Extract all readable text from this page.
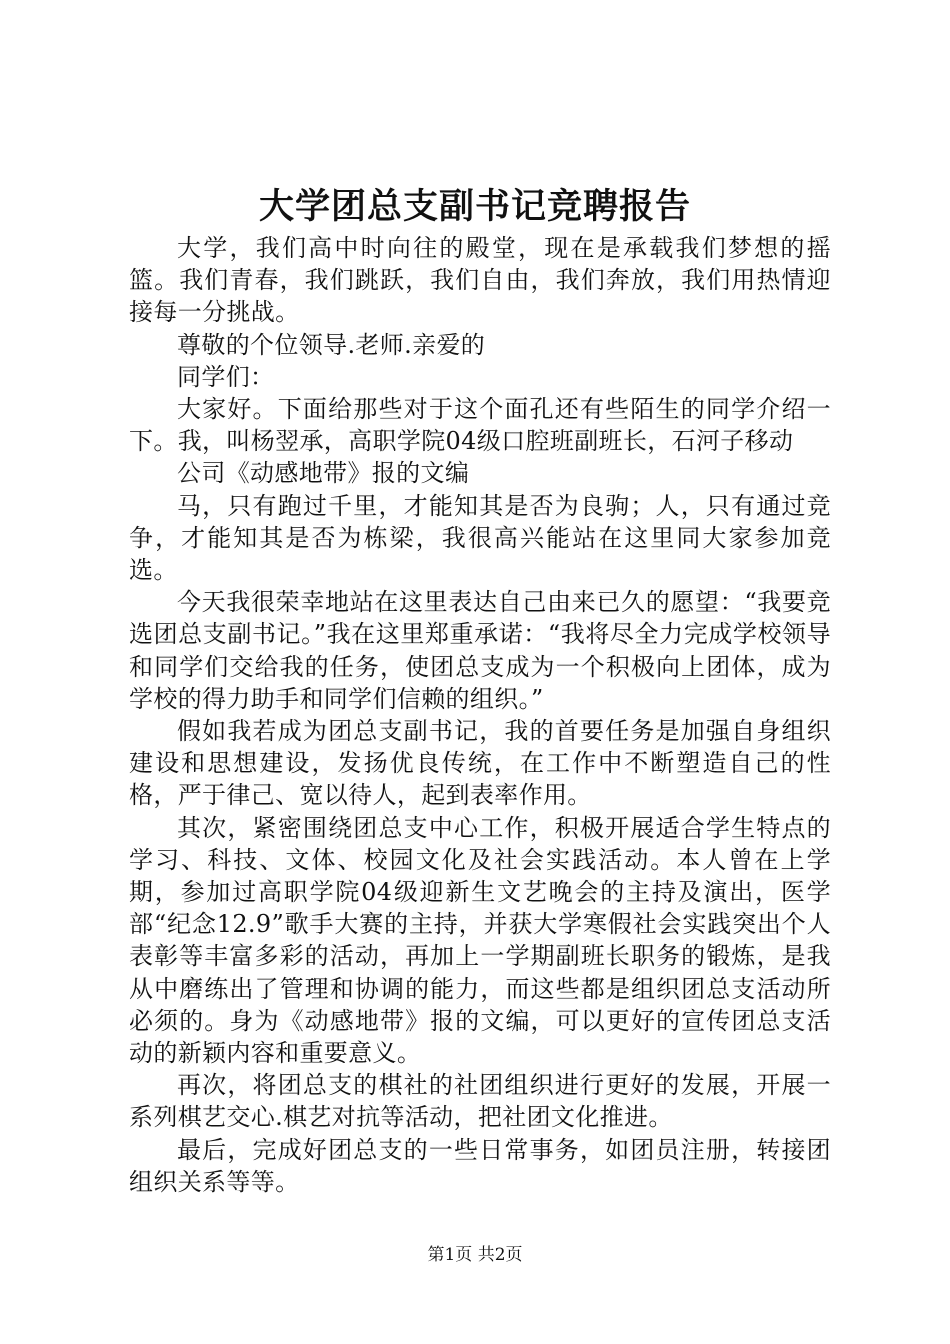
大学团总支副书记竞聘报告

大学，我们高中时向往的殿堂，现在是承载我们梦想的摇篮。我们青春，我们跳跃，我们自由，我们奔放，我们用热情迎接每一分挑战。

尊敬的个位领导.老师.亲爱的

同学们：

大家好。下面给那些对于这个面孔还有些陌生的同学介绍一下。我，叫杨翌承，高职学院04级口腔班副班长，石河子移动

公司《动感地带》报的文编

马，只有跑过千里，才能知其是否为良驹；人，只有通过竞争，才能知其是否为栋梁，我很高兴能站在这里同大家参加竞选。

今天我很荣幸地站在这里表达自己由来已久的愿望：“我要竞选团总支副书记。”我在这里郑重承诺：“我将尽全力完成学校领导和同学们交给我的任务，使团总支成为一个积极向上团体，成为学校的得力助手和同学们信赖的组织。”

假如我若成为团总支副书记，我的首要任务是加强自身组织建设和思想建设，发扬优良传统，在工作中不断塑造自己的性格，严于律己、宽以待人，起到表率作用。

其次，紧密围绕团总支中心工作，积极开展适合学生特点的学习、科技、文体、校园文化及社会实践活动。本人曾在上学期，参加过高职学院04级迎新生文艺晚会的主持及演出，医学部“纪念12.9”歌手大赛的主持，并获大学寒假社会实践突出个人表彰等丰富多彩的活动，再加上一学期副班长职务的锻炼，是我从中磨练出了管理和协调的能力，而这些都是组织团总支活动所必须的。身为《动感地带》报的文编，可以更好的宣传团总支活动的新颖内容和重要意义。

再次，将团总支的棋社的社团组织进行更好的发展，开展一系列棋艺交心.棋艺对抗等活动，把社团文化推进。

最后，完成好团总支的一些日常事务，如团员注册，转接团组织关系等等。

第1页 共2页
